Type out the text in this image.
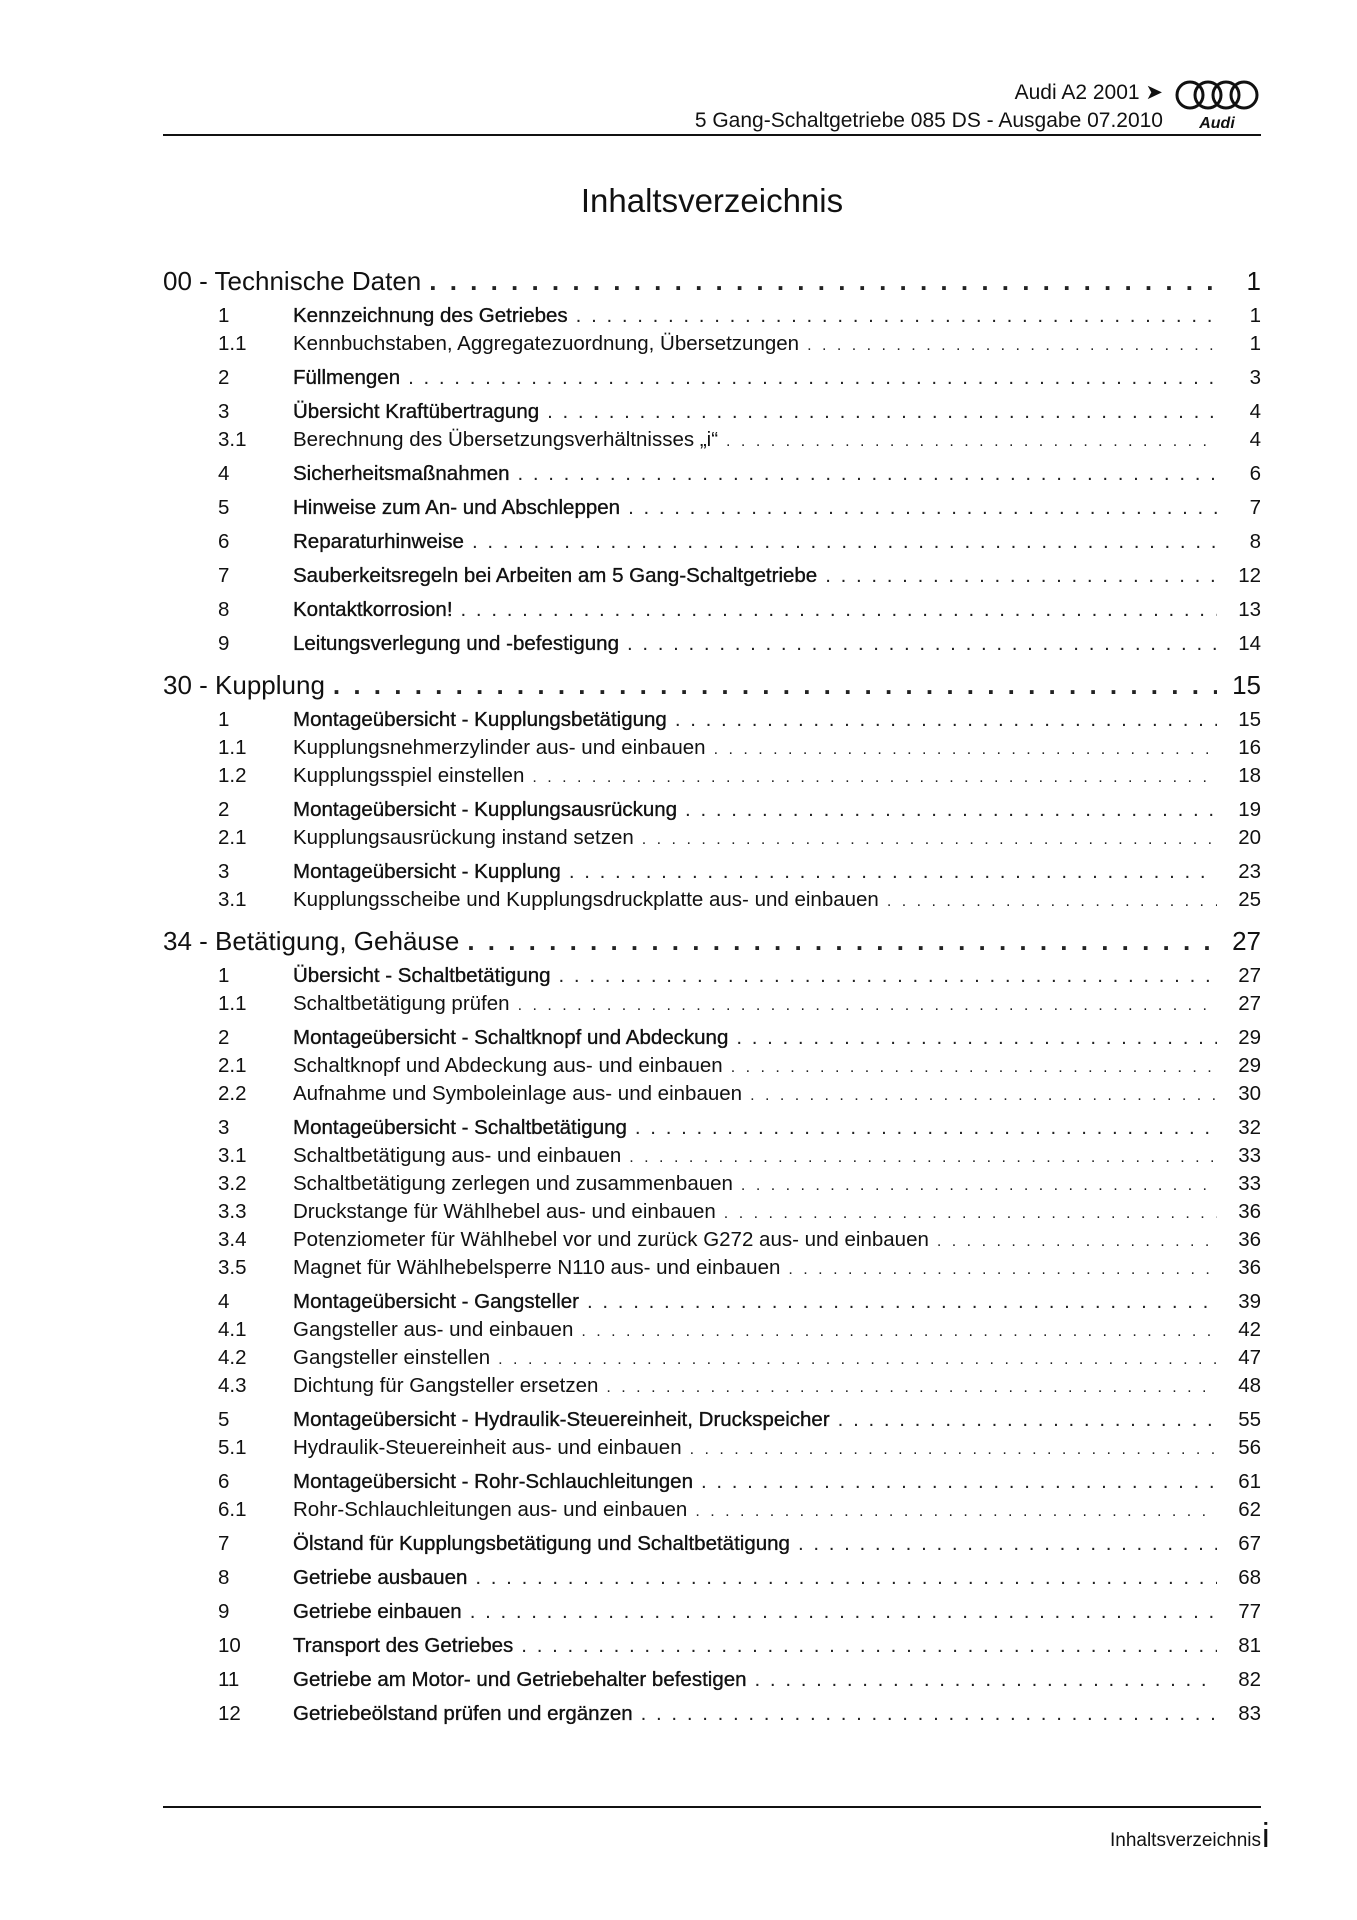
Audi A2 2001 ➤
5 Gang-Schaltgetriebe 085 DS - Ausgabe 07.2010 Audi
Inhaltsverzeichnis
00 - Technische Daten . . .	1
1	Kennzeichnung des Getriebes . . .	1
1.1 Kennbuchstaben, Aggregatezuordnung, Übersetzungen . . .	1
2	Füllmengen . . .	3
3	Übersicht Kraftübertragung . . .	4
3.1 Berechnung des Übersetzungsverhältnisses „i“ . . .	4
4	Sicherheitsmaßnahmen . . .	6
5	Hinweise zum An- und Abschleppen . . .	7
6	Reparaturhinweise . . .	8
7	Sauberkeitsregeln bei Arbeiten am 5 Gang-Schaltgetriebe . . .	12
8	Kontaktkorrosion! . . .	13
9	Leitungsverlegung und -befestigung . . .	14
30 - Kupplung . . .	15
1	Montageübersicht - Kupplungsbetätigung . . .	15
1.1 Kupplungsnehmerzylinder aus- und einbauen . . .	16
1.2 Kupplungsspiel einstellen . . .	18
2	Montageübersicht - Kupplungsausrückung . . .	19
2.1 Kupplungsausrückung instand setzen . . .	20
3	Montageübersicht - Kupplung . . .	23
3.1 Kupplungsscheibe und Kupplungsdruckplatte aus- und einbauen . . .	25
34 - Betätigung, Gehäuse . . .	27
1	Übersicht - Schaltbetätigung . . .	27
1.1 Schaltbetätigung prüfen . . .	27
2	Montageübersicht - Schaltknopf und Abdeckung . . .	29
2.1 Schaltknopf und Abdeckung aus- und einbauen . . .	29
2.2 Aufnahme und Symboleinlage aus- und einbauen . . .	30
3	Montageübersicht - Schaltbetätigung . . .	32
3.1 Schaltbetätigung aus- und einbauen . . .	33
3.2 Schaltbetätigung zerlegen und zusammenbauen . . .	33
3.3 Druckstange für Wählhebel aus- und einbauen . . .	36
3.4 Potenziometer für Wählhebel vor und zurück G272 aus- und einbauen . . .	36
3.5 Magnet für Wählhebelsperre N110 aus- und einbauen . . .	36
4	Montageübersicht - Gangsteller . . .	39
4.1 Gangsteller aus- und einbauen . . .	42
4.2 Gangsteller einstellen . . .	47
4.3 Dichtung für Gangsteller ersetzen . . .	48
5	Montageübersicht - Hydraulik-Steuereinheit, Druckspeicher . . .	55
5.1 Hydraulik-Steuereinheit aus- und einbauen . . .	56
6	Montageübersicht - Rohr-Schlauchleitungen . . .	61
6.1 Rohr-Schlauchleitungen aus- und einbauen . . .	62
7	Ölstand für Kupplungsbetätigung und Schaltbetätigung . . .	67
8	Getriebe ausbauen . . .	68
9	Getriebe einbauen . . .	77
10	Transport des Getriebes . . .	81
11	Getriebe am Motor- und Getriebehalter befestigen . . .	82
12	Getriebeölstand prüfen und ergänzen . . .	83
Inhaltsverzeichnis i
